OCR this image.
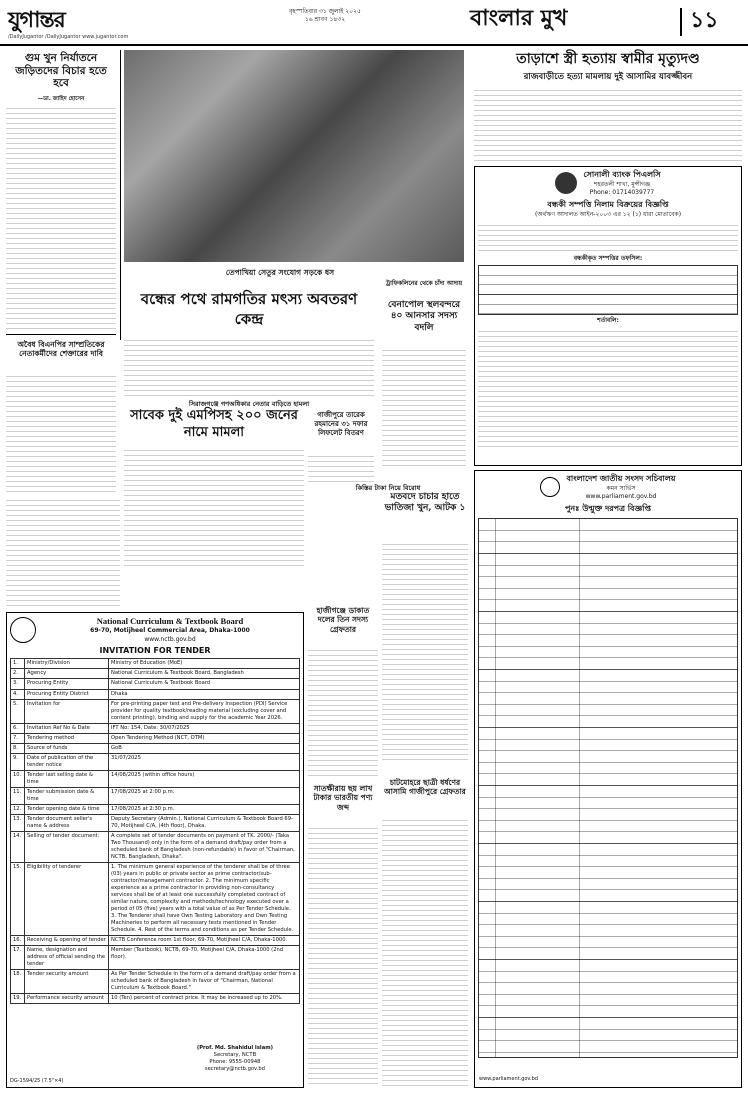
যুগান্তর	বৃহস্পতিবার ৩১ জুলাই ২০২৫
১৬ শ্রাবণ ১৪৩২
/DailyJugantor /DailyJugantor www.jugantor.com
বাংলার মুখ	১১
গুম খুন নির্যাতনে জড়িতদের বিচার হতে হবে
—ডা. জাহিদ হোসেন
অবৈধ বিএনপির সাম্প্রতিকের নেতাকর্মীদের শেক্তারের দাবি
তেপাখিয়া সেতুর সংযোগ সড়কে ধস
বন্ধের পথে রামগতির মৎস্য অবতরণ কেন্দ্র
সিরাজগঞ্জে গণঅধিকার নেতার বাড়িতে হামলা
সাবেক দুই এমপিসহ ২০০ জনের নামে মামলা
গাজীপুরে তারেক রহমানের ৩১ দফার লিফলেট বিতরণ
ট্রাফিকলিনের থেকে চাঁদা আদায়
বেনাপোল স্থলবন্দরে ৪০ আনসার সদস্য বদলি
কিস্তির টাকা নিয়ে বিরোধ
মতবদে চাচার হাতে ভাতিজা খুন, আটক ১
হাজীগঞ্জে ডাকাত দলের তিন সদস্য গ্রেফতার
চাটমোহরে ছাত্রী ধর্ষণের আসামি গাজীপুরে গ্রেফতার
সাতক্ষীরায় ছয় লাখ টাকার ভারতীয় পণ্য জব্দ
National Curriculum & Textbook Board
69-70, Motijheel Commercial Area, Dhaka-1000
www.nctb.gov.bd
INVITATION FOR TENDER
1.	Ministry/Division	Ministry of Education (MoE)
2.	Agency	National Curriculum & Textbook Board, Bangladesh
3.	Procuring Entity	National Curriculum & Textbook Board
4.	Procuring Entity District	Dhaka
5.	Invitation for	For pre-printing paper test and Pre-delivery Inspection (PDI) Service provider for quality textbook/reading material (excluding cover and content printing), binding and supply for the academic Year 2026.
6.	Invitation Ref No & Date	IFT No: 154, Date: 30/07/2025
7.	Tendering method	Open Tendering Method (NCT, OTM)
8.	Source of funds	GoB
9.	Date of publication of the tender notice	31/07/2025
10.	Tender last selling date & time	14/08/2025 (within office hours)
11.	Tender submission date & time	17/08/2025 at 2:00 p.m.
12.	Tender opening date & time	17/08/2025 at 2:30 p.m.
13.	Tender document seller's name & address	Deputy Secretary (Admin.), National Curriculum & Textbook Board 69-70, Motijheel C/A, (4th floor), Dhaka.
14.	Selling of tender document:	A complete set of tender documents on payment of TK. 2000/- (Taka Two Thousand) only in the form of a demand draft/pay order from a scheduled bank of Bangladesh (non-refundable) in favor of "Chairman, NCTB, Bangladesh, Dhaka".
15.	Eligibility of tenderer	1. The minimum general experience of the tenderer shall be of three (03) years in public or private sector as prime contractor/sub-contractor/management contractor. 2. The minimum specific experience as a prime contractor in providing non-consultancy services shall be of at least one successfully completed contract of similar nature, complexity and methods/technology executed over a period of 05 (five) years with a total value of as Per Tender Schedule. 3. The Tenderer shall have Own Testing Laboratory and Own Testing Machineries to perform all necessary tests mentioned in Tender Schedule. 4. Rest of the terms and conditions as per Tender Schedule.
16.	Receiving & opening of tender	NCTB Conference room 1st floor, 69-70, Motijheel C/A, Dhaka-1000.
17.	Name, designation and address of official sending the tender	Member (Textbook), NCTB, 69-70, Motijheel C/A, Dhaka-1000 (2nd floor).
18.	Tender security amount	As Per Tender Schedule in the form of a demand draft/pay order from a scheduled bank of Bangladesh in favor of "Chairman, National Curriculum & Textbook Board."
19.	Performance security amount	10 (Ten) percent of contract price. It may be increased up to 20%.
(Prof. Md. Shahidul Islam)
Secretary, NCTB
Phone: 9555-00948
secretary@nctb.gov.bd
DG-1594/25 (7.5"×4)
তাড়াশে স্ত্রী হত্যায় স্বামীর মৃত্যুদণ্ড
রাজবাড়ীতে হত্যা মামলায় দুই আসামির যাবজ্জীবন
সোনালী ব্যাংক পিএলসি
শহরতলী শাখা, মুন্সীগঞ্জ
Phone: 01714039777
বন্ধকী সম্পত্তি নিলাম বিক্রয়ের বিজ্ঞপ্তি
(অর্থঋণ আদালত আইন-২০০৩ এর ১২ (১) ধারা মোতাবেক)
বন্ধকীকৃত সম্পত্তির তফসিল:
শর্তাবলি:
বাংলাদেশ জাতীয় সংসদ সচিবালয়
কমন সার্ভিস
www.parliament.gov.bd
পুনঃ উন্মুক্ত দরপত্র বিজ্ঞপ্তি
www.parliament.gov.bd
